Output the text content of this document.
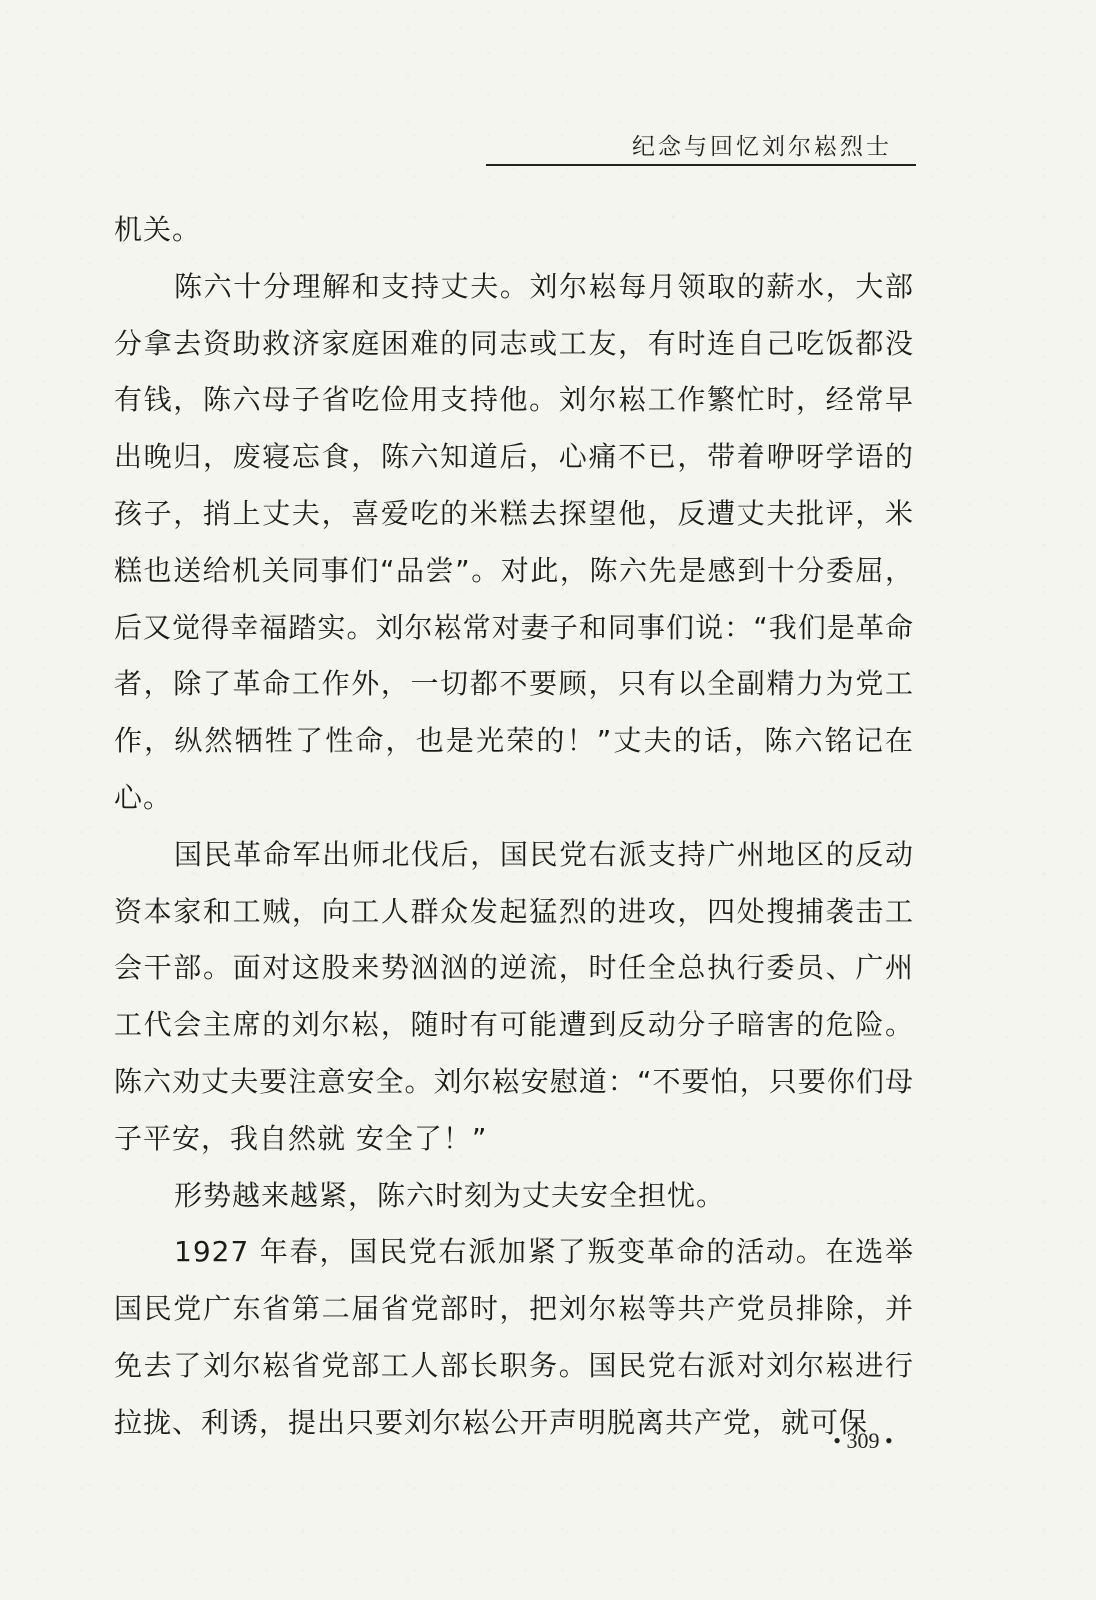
纪念与回忆刘尔崧烈士

机关。

陈六十分理解和支持丈夫。刘尔崧每月领取的薪水，大部分拿去资助救济家庭困难的同志或工友，有时连自己吃饭都没有钱，陈六母子省吃俭用支持他。刘尔崧工作繁忙时，经常早出晚归，废寝忘食，陈六知道后，心痛不已，带着咿呀学语的孩子，捎上丈夫，喜爱吃的米糕去探望他，反遭丈夫批评，米糕也送给机关同事们“品尝”。对此，陈六先是感到十分委屈，后又觉得幸福踏实。刘尔崧常对妻子和同事们说：“我们是革命者，除了革命工作外，一切都不要顾，只有以全副精力为党工作，纵然牺牲了性命，也是光荣的！”丈夫的话，陈六铭记在心。

国民革命军出师北伐后，国民党右派支持广州地区的反动资本家和工贼，向工人群众发起猛烈的进攻，四处搜捕袭击工会干部。面对这股来势汹汹的逆流，时任全总执行委员、广州工代会主席的刘尔崧，随时有可能遭到反动分子暗害的危险。陈六劝丈夫要注意安全。刘尔崧安慰道：“不要怕，只要你们母子平安，我自然就 安全了！”

形势越来越紧，陈六时刻为丈夫安全担忧。

1927 年春，国民党右派加紧了叛变革命的活动。在选举国民党广东省第二届省党部时，把刘尔崧等共产党员排除，并免去了刘尔崧省党部工人部长职务。国民党右派对刘尔崧进行拉拢、利诱，提出只要刘尔崧公开声明脱离共产党，就可保

• 309 •
